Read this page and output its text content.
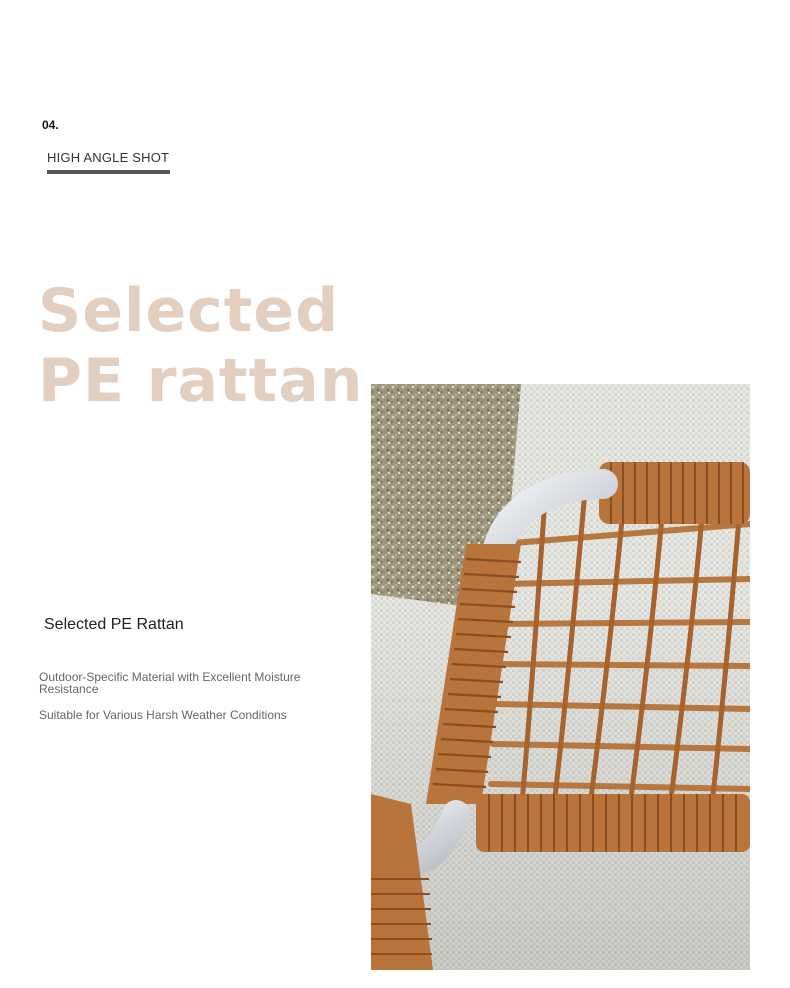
04.
HIGH ANGLE SHOT
Selected
PE rattan
Selected PE Rattan
Outdoor-Specific Material with Excellent Moisture Resistance
Suitable for Various Harsh Weather Conditions
